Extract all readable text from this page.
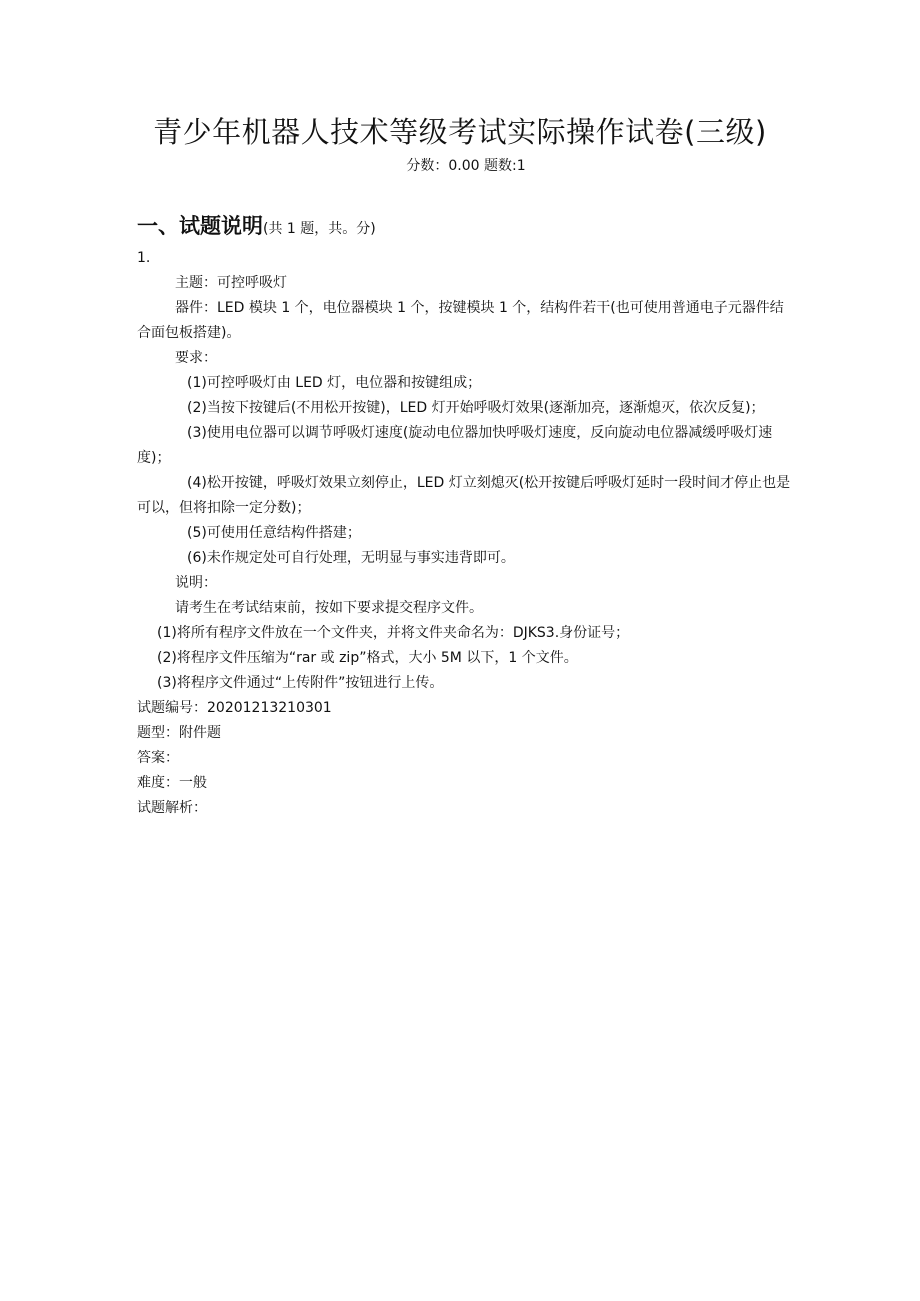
青少年机器人技术等级考试实际操作试卷(三级)
分数：0.00 题数:1
一、试题说明(共 1 题，共。分)
1.
主题：可控呼吸灯
器件：LED 模块 1 个，电位器模块 1 个，按键模块 1 个，结构件若干(也可使用普通电子元器件结合面包板搭建)。
要求：
(1)可控呼吸灯由 LED 灯，电位器和按键组成；
(2)当按下按键后(不用松开按键)，LED 灯开始呼吸灯效果(逐渐加亮，逐渐熄灭，依次反复)；
(3)使用电位器可以调节呼吸灯速度(旋动电位器加快呼吸灯速度，反向旋动电位器减缓呼吸灯速度)；
(4)松开按键，呼吸灯效果立刻停止，LED 灯立刻熄灭(松开按键后呼吸灯延时一段时间才停止也是可以，但将扣除一定分数)；
(5)可使用任意结构件搭建；
(6)未作规定处可自行处理，无明显与事实违背即可。
说明：
请考生在考试结束前，按如下要求提交程序文件。
(1)将所有程序文件放在一个文件夹，并将文件夹命名为：DJKS3.身份证号；
(2)将程序文件压缩为“rar 或 zip”格式，大小 5M 以下，1 个文件。
(3)将程序文件通过“上传附件”按钮进行上传。
试题编号：20201213210301
题型：附件题
答案：
难度：一般
试题解析：
